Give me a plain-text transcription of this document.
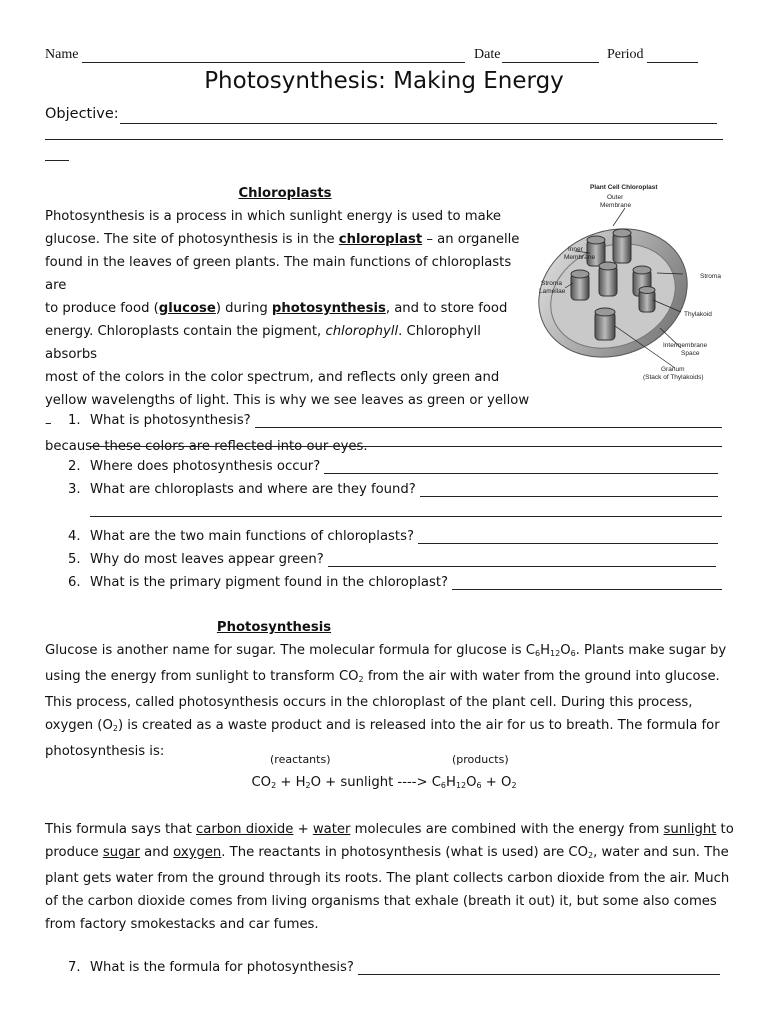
Name	Date	Period
Photosynthesis: Making Energy
Objective:
Chloroplasts
Photosynthesis is a process in which sunlight energy is used to make
glucose. The site of photosynthesis is in the chloroplast – an organelle
found in the leaves of green plants. The main functions of chloroplasts are
to produce food (glucose) during photosynthesis, and to store food
energy. Chloroplasts contain the pigment, chlorophyll. Chlorophyll absorbs
most of the colors in the color spectrum, and reflects only green and
yellow wavelengths of light. This is why we see leaves as green or yellow –
because these colors are reflected into our eyes.
Plant Cell Chloroplast
Outer
Membrane
Inner
Membrane
Stroma
Lamellae
Stroma
Thylakoid
Intermembrane
Space
Granum
(Stack of Thylakoids)
1. What is photosynthesis?
2. Where does photosynthesis occur?
3. What are chloroplasts and where are they found?
4. What are the two main functions of chloroplasts?
5. Why do most leaves appear green?
6. What is the primary pigment found in the chloroplast?
Photosynthesis
Glucose is another name for sugar. The molecular formula for glucose is $C_6H_{12}O_6$. Plants make sugar by
using the energy from sunlight to transform $CO_2$ from the air with water from the ground into glucose.
This process, called photosynthesis occurs in the chloroplast of the plant cell. During this process,
oxygen $(O_2)$ is created as a waste product and is released into the air for us to breath. The formula for
photosynthesis is:
(reactants)	(products)
$CO_2 + H_2O$ + sunlight ----> $C_6H_{12}O_6 + O_2$
This formula says that carbon dioxide + water molecules are combined with the energy from sunlight to
produce sugar and oxygen. The reactants in photosynthesis (what is used) are $CO_2$, water and sun. The
plant gets water from the ground through its roots. The plant collects carbon dioxide from the air. Much
of the carbon dioxide comes from living organisms that exhale (breath it out) it, but some also comes
from factory smokestacks and car fumes.
7. What is the formula for photosynthesis?
